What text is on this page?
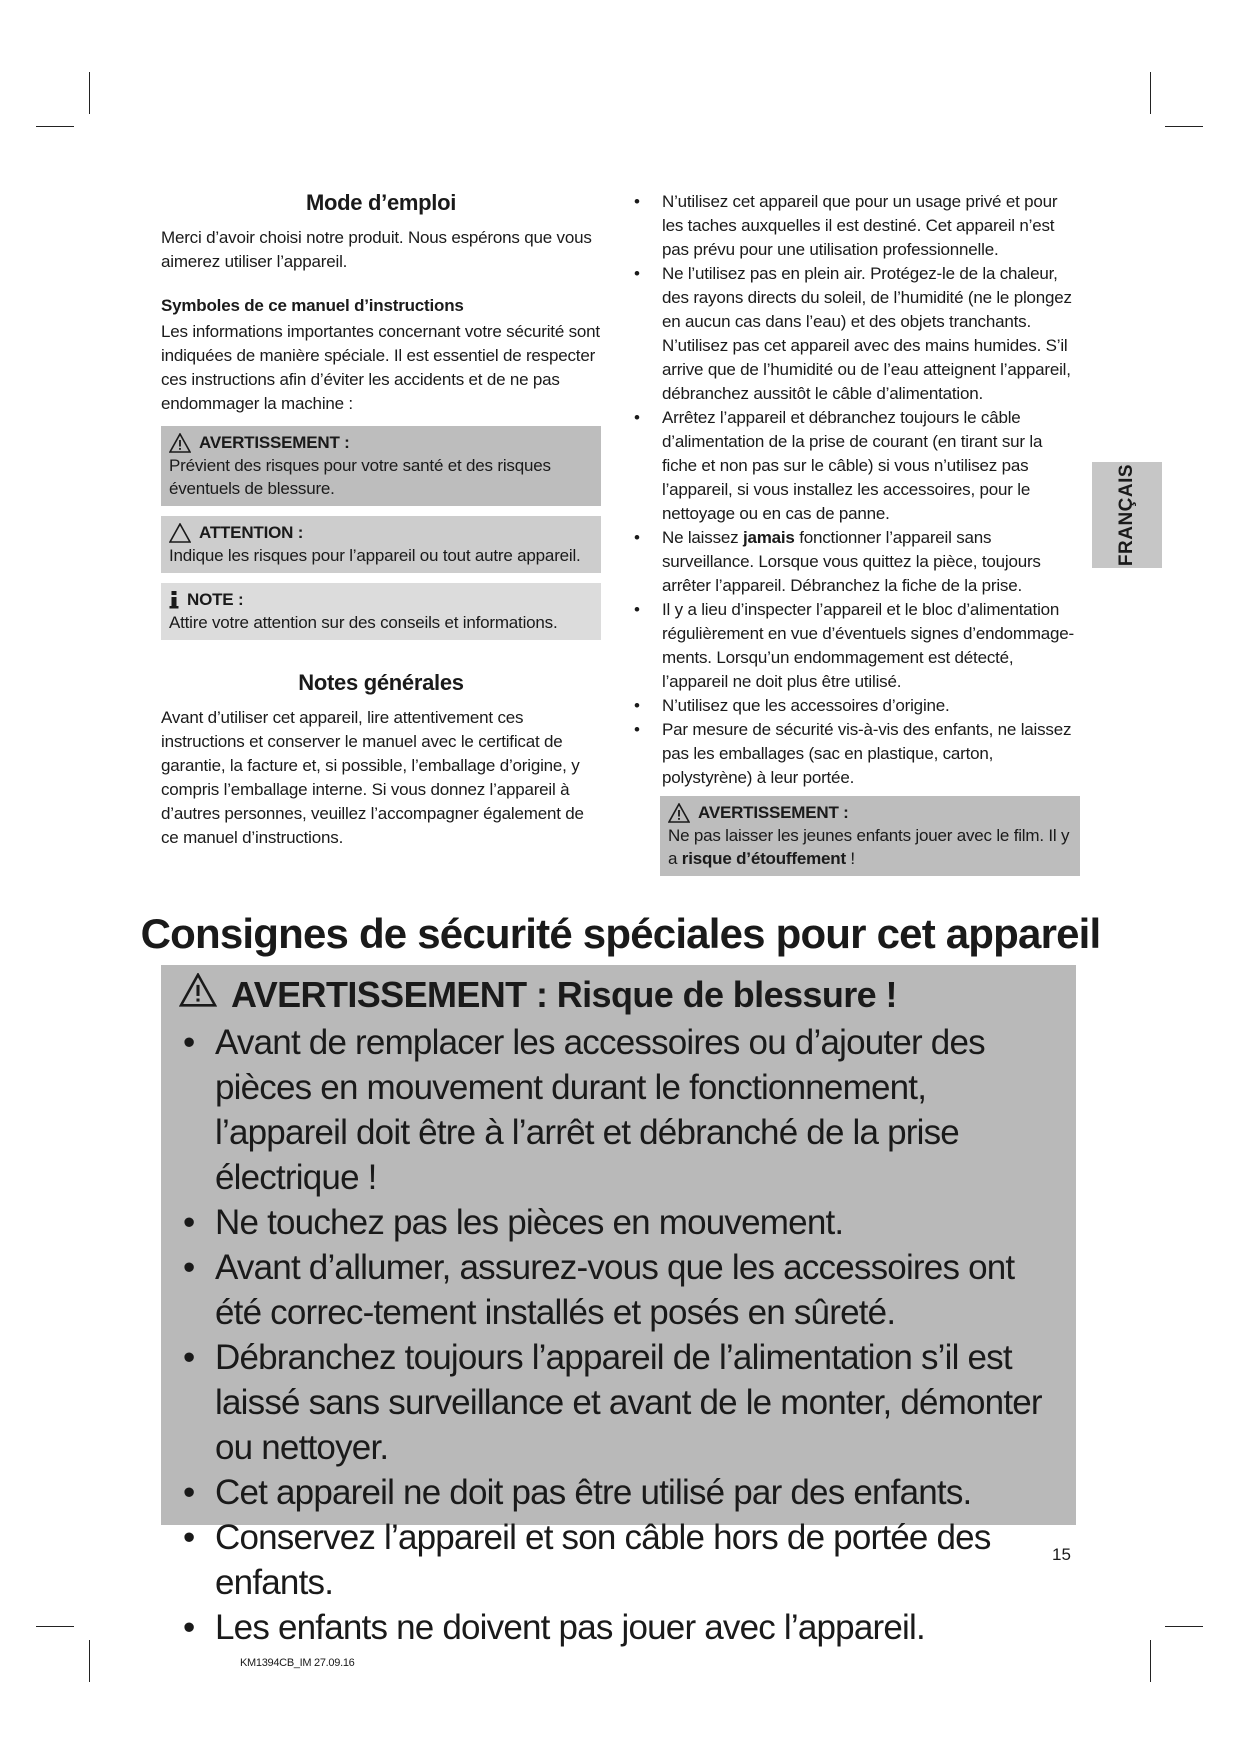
Mode d’emploi

Merci d’avoir choisi notre produit. Nous espérons que vous aimerez utiliser l’appareil.

Symboles de ce manuel d’instructions

Les informations importantes concernant votre sécurité sont indiquées de manière spéciale. Il est essentiel de respecter ces instructions afin d’éviter les accidents et de ne pas endommager la machine :

AVERTISSEMENT :
Prévient des risques pour votre santé et des risques éventuels de blessure.
ATTENTION :
Indique les risques pour l’appareil ou tout autre appareil.
NOTE :
Attire votre attention sur des conseils et informations.
Notes générales

Avant d’utiliser cet appareil, lire attentivement ces instructions et conserver le manuel avec le certificat de garantie, la facture et, si possible, l’emballage d’origine, y compris l’emballage interne. Si vous donnez l’appareil à d’autres personnes, veuillez l’accompagner également de ce manuel d’instructions.

• N’utilisez cet appareil que pour un usage privé et pour les taches auxquelles il est destiné. Cet appareil n’est pas prévu pour une utilisation professionnelle.
• Ne l’utilisez pas en plein air. Protégez-le de la chaleur, des rayons directs du soleil, de l’humidité (ne le plongez en aucun cas dans l’eau) et des objets tranchants. N’utilisez pas cet appareil avec des mains humides. S’il arrive que de l’humidité ou de l’eau atteignent l’appareil, débranchez aussitôt le câble d’alimentation.
• Arrêtez l’appareil et débranchez toujours le câble d’alimentation de la prise de courant (en tirant sur la fiche et non pas sur le câble) si vous n’utilisez pas l’appareil, si vous installez les accessoires, pour le nettoyage ou en cas de panne.
• Ne laissez jamais fonctionner l’appareil sans surveillance. Lorsque vous quittez la pièce, toujours arrêter l’appareil. Débranchez la fiche de la prise.
• Il y a lieu d’inspecter l’appareil et le bloc d’alimentation régulièrement en vue d’éventuels signes d’endommage-ments. Lorsqu’un endommagement est détecté, l’appareil ne doit plus être utilisé.
• N’utilisez que les accessoires d’origine.
• Par mesure de sécurité vis-à-vis des enfants, ne laissez pas les emballages (sac en plastique, carton, polystyrène) à leur portée.
AVERTISSEMENT :
Ne pas laisser les jeunes enfants jouer avec le film. Il y a risque d’étouffement !
FRANÇAIS
Consignes de sécurité spéciales pour cet appareil
AVERTISSEMENT : Risque de blessure !
• Avant de remplacer les accessoires ou d’ajouter des pièces en mouvement durant le fonctionnement, l’appareil doit être à l’arrêt et débranché de la prise électrique !
• Ne touchez pas les pièces en mouvement.
• Avant d’allumer, assurez-vous que les accessoires ont été correc-tement installés et posés en sûreté.
• Débranchez toujours l’appareil de l’alimentation s’il est laissé sans surveillance et avant de le monter, démonter ou nettoyer.
• Cet appareil ne doit pas être utilisé par des enfants.
• Conservez l’appareil et son câble hors de portée des enfants.
• Les enfants ne doivent pas jouer avec l’appareil.
15
KM1394CB_IM 27.09.16
